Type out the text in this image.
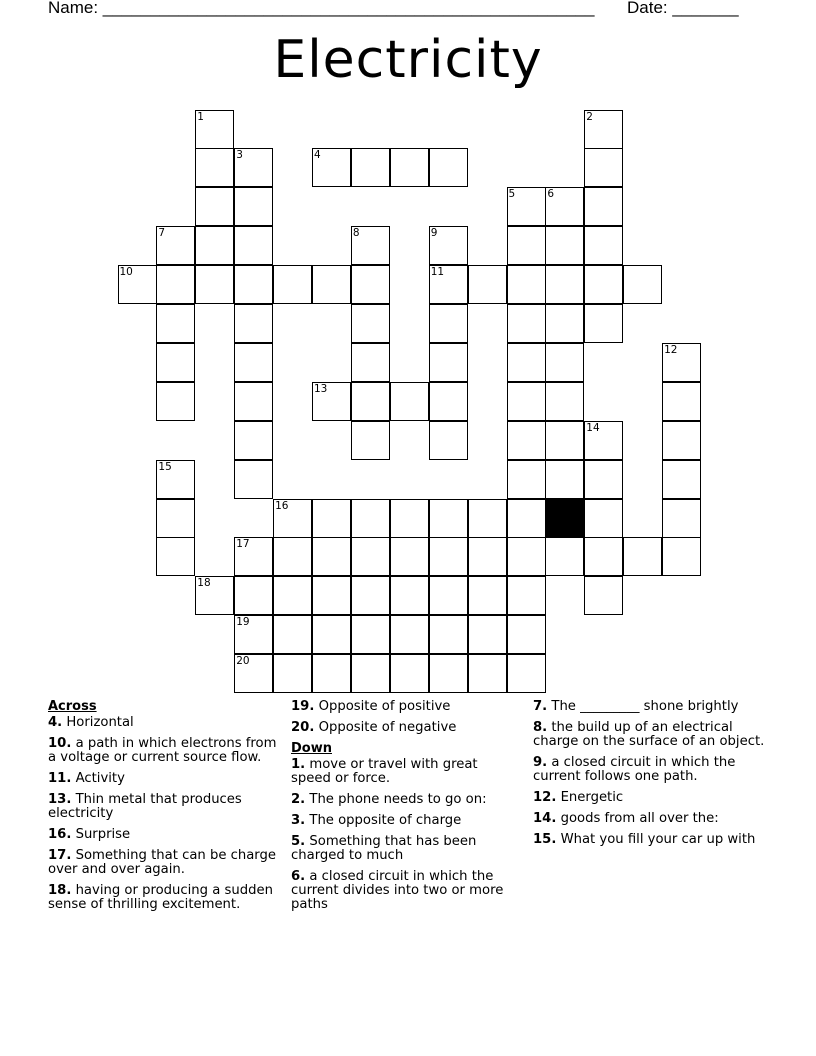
Name: ____________________________________________________ Date: _______
Electricity
1	2
3	4
5	6
7	8	9
11
10
12
13
14
15
16
17
18
19
20
Across
4. Horizontal
10. a path in which electrons from a voltage or current source flow.
11. Activity
13. Thin metal that produces electricity
16. Surprise
17. Something that can be charge over and over again.
18. having or producing a sudden sense of thrilling excitement.
19. Opposite of positive
20. Opposite of negative
Down
1. move or travel with great speed or force.
2. The phone needs to go on:
3. The opposite of charge
5. Something that has been charged to much
6. a closed circuit in which the current divides into two or more paths
7. The _________ shone brightly
8. the build up of an electrical charge on the surface of an object.
9. a closed circuit in which the current follows one path.
12. Energetic
14. goods from all over the:
15. What you fill your car up with
